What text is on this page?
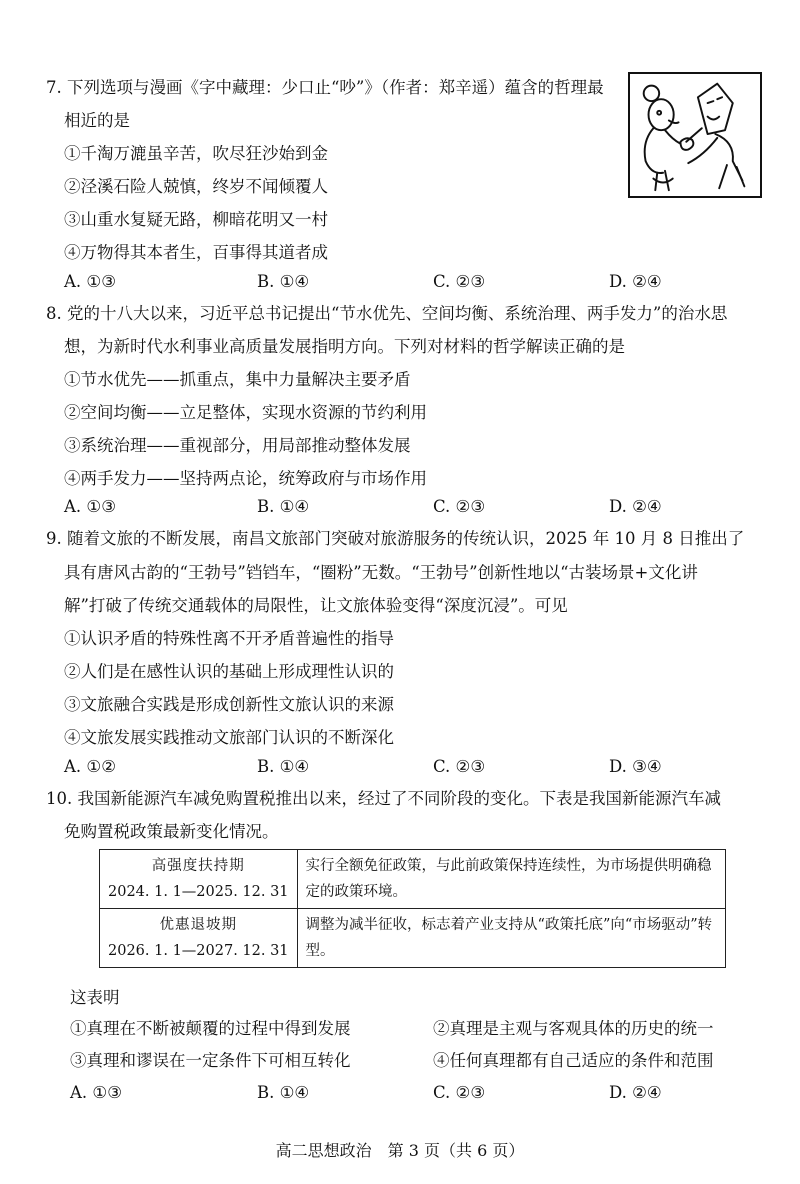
7. 下列选项与漫画《字中藏理：少口止“吵”》（作者：郑辛遥）蕴含的哲理最
相近的是
①千淘万漉虽辛苦，吹尽狂沙始到金
②泾溪石险人兢慎，终岁不闻倾覆人
③山重水复疑无路，柳暗花明又一村
④万物得其本者生，百事得其道者成
A. ①③	B. ①④	C. ②③	D. ②④
8. 党的十八大以来，习近平总书记提出“节水优先、空间均衡、系统治理、两手发力”的治水思
想，为新时代水利事业高质量发展指明方向。下列对材料的哲学解读正确的是
①节水优先——抓重点，集中力量解决主要矛盾
②空间均衡——立足整体，实现水资源的节约利用
③系统治理——重视部分，用局部推动整体发展
④两手发力——坚持两点论，统筹政府与市场作用
A. ①③	B. ①④	C. ②③	D. ②④
9. 随着文旅的不断发展，南昌文旅部门突破对旅游服务的传统认识，2025 年 10 月 8 日推出了
具有唐风古韵的“王勃号”铛铛车，“圈粉”无数。“王勃号”创新性地以“古装场景+文化讲
解”打破了传统交通载体的局限性，让文旅体验变得“深度沉浸”。可见
①认识矛盾的特殊性离不开矛盾普遍性的指导
②人们是在感性认识的基础上形成理性认识的
③文旅融合实践是形成创新性文旅认识的来源
④文旅发展实践推动文旅部门认识的不断深化
A. ①②	B. ①④	C. ②③	D. ③④
10. 我国新能源汽车减免购置税推出以来，经过了不同阶段的变化。下表是我国新能源汽车减
免购置税政策最新变化情况。
高强度扶持期
2024. 1. 1—2025. 12. 31	实行全额免征政策，与此前政策保持连续性，为市场提供明确稳定的政策环境。

优惠退坡期
2026. 1. 1—2027. 12. 31	调整为减半征收，标志着产业支持从“政策托底”向“市场驱动”转型。
这表明
①真理在不断被颠覆的过程中得到发展	②真理是主观与客观具体的历史的统一
③真理和谬误在一定条件下可相互转化	④任何真理都有自己适应的条件和范围
A. ①③	B. ①④	C. ②③	D. ②④
高二思想政治　第 3 页（共 6 页）
